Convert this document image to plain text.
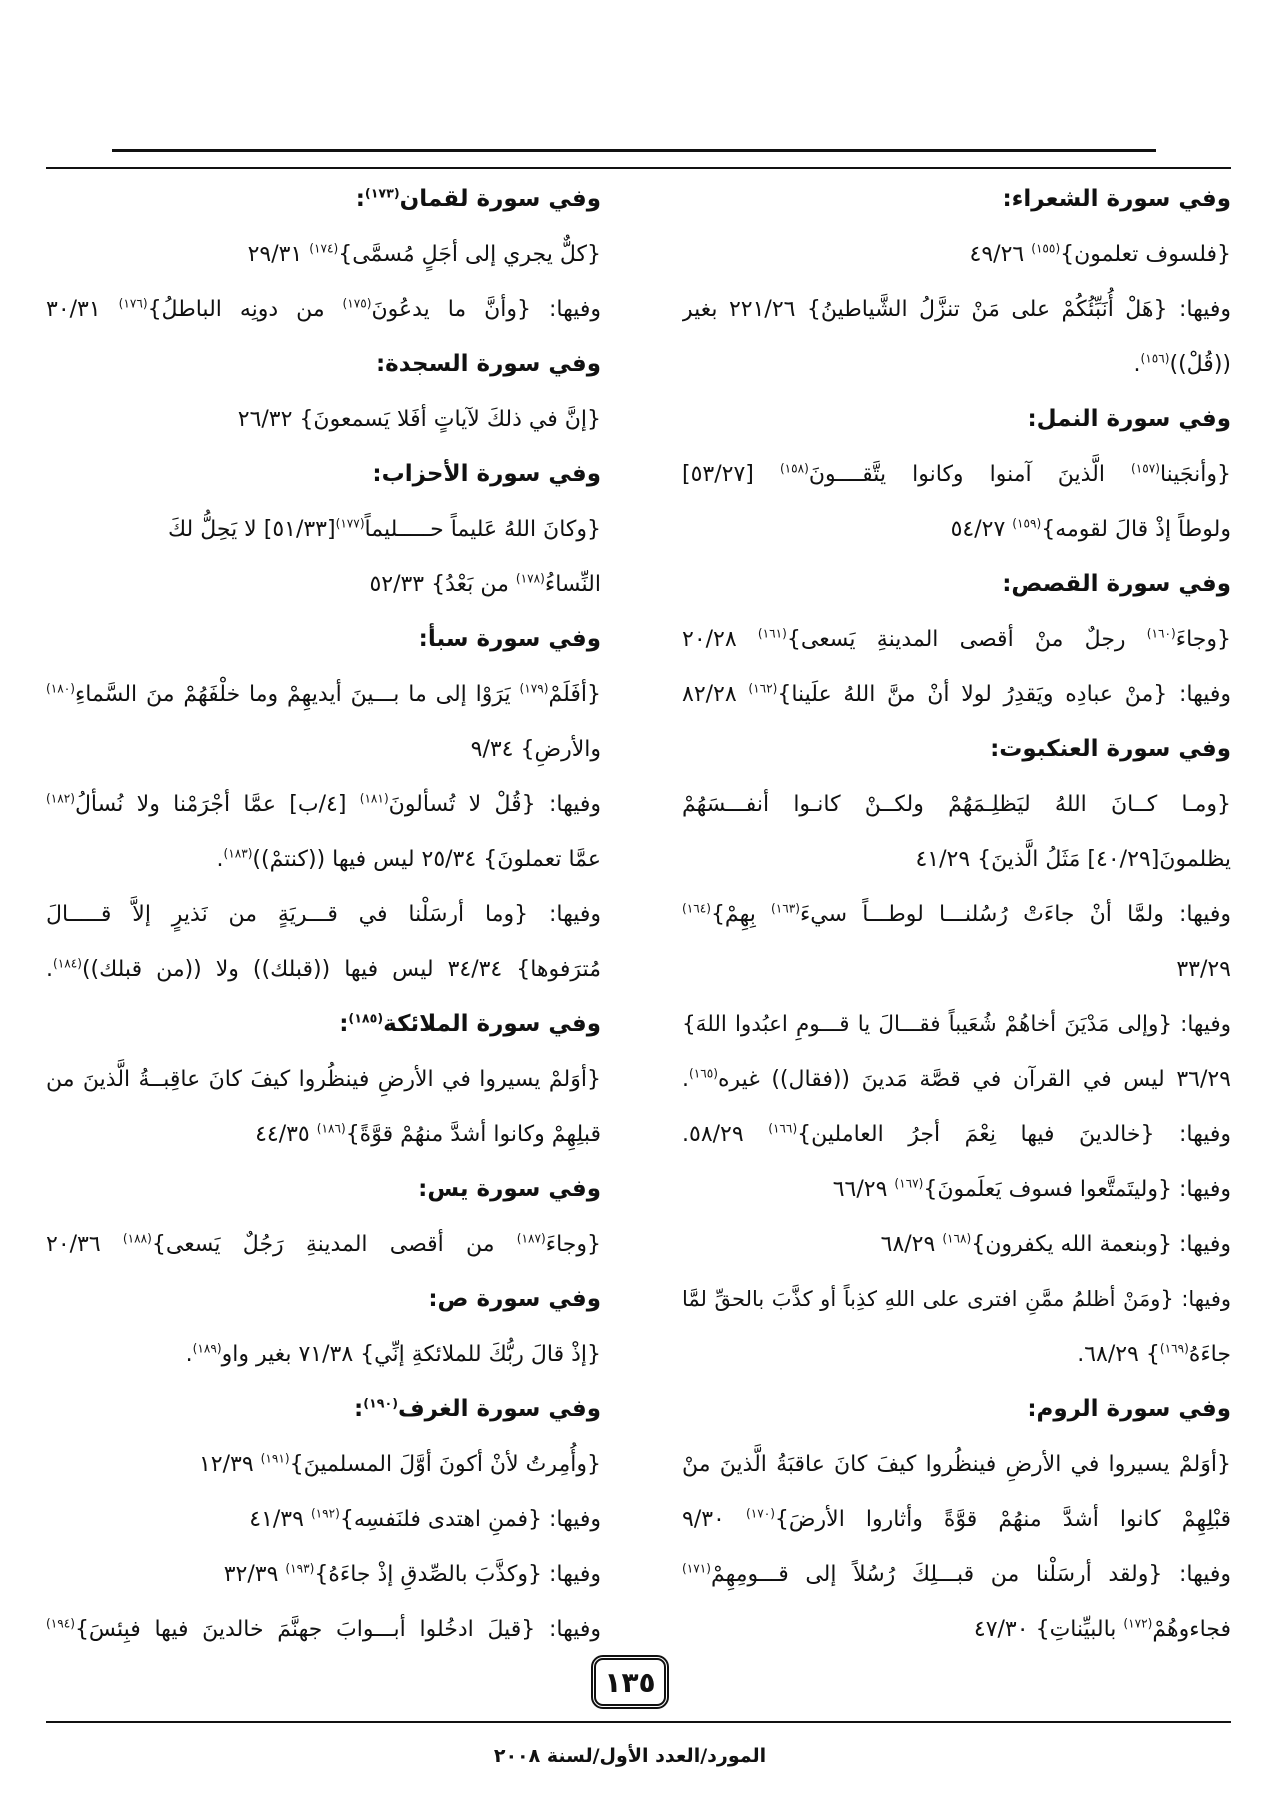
وفي سورة الشعراء:
{فلسوف تعلمون}$^{(١٥٥)}$ ٤٩/٢٦
وفيها: {هَلْ أُنَبِّئُكُمْ على مَنْ تنزَّلُ الشَّياطينُ} ٢٢١/٢٦ بغير
((قُلْ))$^{(١٥٦)}$.
وفي سورة النمل:
{وأنجَينا$^{(١٥٧)}$ الَّذينَ آمنوا وكانوا يتَّقــــونَ$^{(١٥٨)}$ [٥٣/٢٧]
ولوطاً إذْ قالَ لقومه}$^{(١٥٩)}$ ٥٤/٢٧
وفي سورة القصص:
{وجاءَ$^{(١٦٠)}$ رجلٌ منْ أقصى المدينةِ يَسعى}$^{(١٦١)}$ ٢٠/٢٨
وفيها: {منْ عبادِه ويَقدِرُ لولا أنْ منَّ اللهُ علَينا}$^{(١٦٢)}$ ٨٢/٢٨
وفي سورة العنكبوت:
{ومـا كــانَ اللهُ ليَظلِـمَهُمْ ولكــنْ كانـوا أنفـــسَهُمْ
يظلمونَ[٤٠/٢٩] مَثَلُ الَّذينَ} ٤١/٢٩
وفيها: ولمَّا أنْ جاءَتْ رُسُلنـــا لوطـــاً سيءَ$^{(١٦٣)}$ بِهِمْ}$^{(١٦٤)}$
٣٣/٢٩
وفيها: {وإلى مَدْيَنَ أخاهُمْ شُعَيباً فقـــالَ يا قـــومِ اعبُدوا اللهَ}
٣٦/٢٩ ليس في القرآن في قصَّة مَدينَ ((فقال)) غيره$^{(١٦٥)}$.
وفيها: {خالدينَ فيها نِعْمَ أجرُ العاملين}$^{(١٦٦)}$ ٥٨/٢٩.
وفيها: {وليتَمتَّعوا فسوف يَعلَمونَ}$^{(١٦٧)}$ ٦٦/٢٩
وفيها: {وبنعمة الله يكفرون}$^{(١٦٨)}$ ٦٨/٢٩
وفيها: {ومَنْ أظلمُ ممَّنِ افترى على اللهِ كذِباً أو كذَّبَ بالحقِّ لمَّا
جاءَهُ$^{(١٦٩)}$} ٦٨/٢٩.
وفي سورة الروم:
{أوَلمْ يسيروا في الأرضِ فينظُروا كيفَ كانَ عاقبَةُ الَّذينَ منْ
قبْلِهِمْ كانوا أشدَّ منهُمْ قوَّةً وأثاروا الأرضَ}$^{(١٧٠)}$ ٩/٣٠
وفيها: {ولقد أرسَلْنا من قبـــلِكَ رُسُلاً إلى قـــومِهِمْ$^{(١٧١)}$
فجاءوهُمْ$^{(١٧٢)}$ بالبيِّناتِ} ٤٧/٣٠
وفي سورة لقمان$^{(١٧٣)}$:
{كلٌّ يجري إلى أجَلٍ مُسمَّى}$^{(١٧٤)}$ ٢٩/٣١
وفيها: {وأنَّ ما يدعُونَ$^{(١٧٥)}$ من دونِه الباطلُ}$^{(١٧٦)}$ ٣٠/٣١
وفي سورة السجدة:
{إنَّ في ذلكَ لآياتٍ أفَلا يَسمعونَ} ٢٦/٣٢
وفي سورة الأحزاب:
{وكانَ اللهُ عَليماً حـــــليماً$^{(١٧٧)}$[٥١/٣٣] لا يَحِلُّ لكَ
النِّساءُ$^{(١٧٨)}$ من بَعْدُ} ٥٢/٣٣
وفي سورة سبأ:
{أفَلَمْ$^{(١٧٩)}$ يَرَوْا إلى ما بـــينَ أيديهِمْ وما خلْفَهُمْ منَ السَّماءِ$^{(١٨٠)}$
والأرضِ} ٩/٣٤
وفيها: {قُلْ لا تُسألونَ$^{(١٨١)}$ [٤/ب] عمَّا أجْرَمْنا ولا نُسألُ$^{(١٨٢)}$
عمَّا تعملونَ} ٢٥/٣٤ ليس فيها ((كنتمْ))$^{(١٨٣)}$.
وفيها: {وما أرسَلْنا في قـــريَةٍ من نَذيرٍ إلاَّ قـــــالَ
مُترَفوها} ٣٤/٣٤ ليس فيها ((قبلك)) ولا ((من قبلك))$^{(١٨٤)}$.
وفي سورة الملائكة$^{(١٨٥)}$:
{أوَلمْ يسيروا في الأرضِ فينظُروا كيفَ كانَ عاقِبــةُ الَّذينَ من
قبلِهِمْ وكانوا أشدَّ منهُمْ قوَّةً}$^{(١٨٦)}$ ٤٤/٣٥
وفي سورة يس:
{وجاءَ$^{(١٨٧)}$ من أقصى المدينةِ رَجُلٌ يَسعى}$^{(١٨٨)}$ ٢٠/٣٦
وفي سورة ص:
{إذْ قالَ ربُّكَ للملائكةِ إنِّي} ٧١/٣٨ بغير واو$^{(١٨٩)}$.
وفي سورة الغرف$^{(١٩٠)}$:
{وأُمِرتُ لأنْ أكونَ أوَّلَ المسلمينَ}$^{(١٩١)}$ ١٢/٣٩
وفيها: {فمنِ اهتدى فلنَفسِه}$^{(١٩٢)}$ ٤١/٣٩
وفيها: {وكذَّبَ بالصِّدقِ إذْ جاءَهُ}$^{(١٩٣)}$ ٣٢/٣٩
وفيها: {قيلَ ادخُلوا أبـــوابَ جهنَّمَ خالدينَ فيها فبِئسَ}$^{(١٩٤)}$
١٣٥
المورد/العدد الأول/لسنة ٢٠٠٨
